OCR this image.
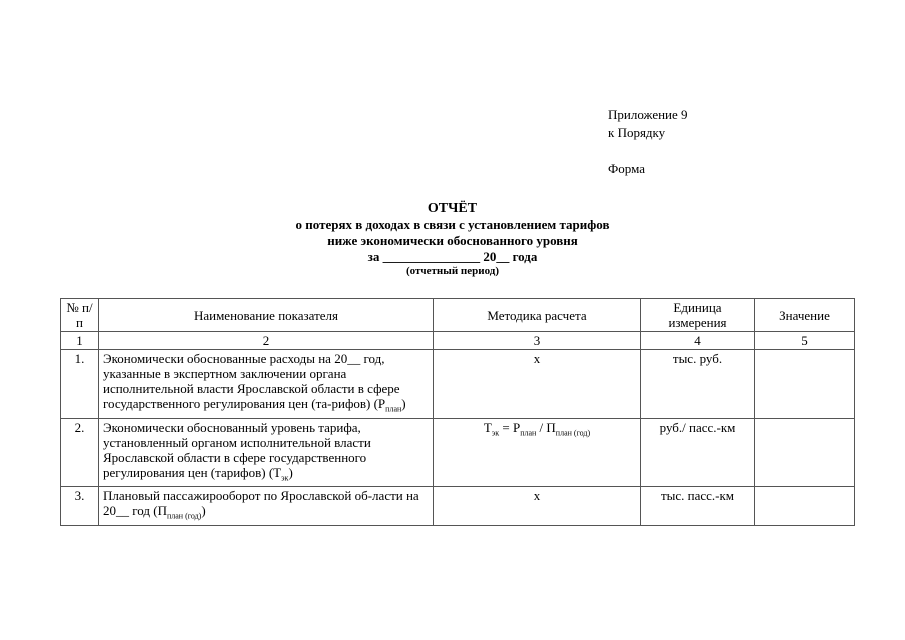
Приложение 9
к Порядку
Форма
ОТЧЁТ
о потерях в доходах в связи с установлением тарифов
ниже экономически обоснованного уровня
за _______________ 20__ года
(отчетный период)
№ п/п	Наименование показателя	Методика расчета	Единица измерения	Значение
1	2	3	4	5
1.	Экономически обоснованные расходы на 20__ год, указанные в экспертном заключении органа исполнительной власти Ярославской области в сфере государственного регулирования цен (та-рифов) $(Р_{план})$	х	тыс. руб.	
2.	Экономически обоснованный уровень тарифа, установленный органом исполнительной власти Ярославской области в сфере государственного регулирования цен (тарифов) $(Т_{эк})$	$Т_{эк} = Р_{план} / П_{план (год)}$	руб./ пасс.-км	
3.	Плановый пассажирооборот по Ярославской об-ласти на 20__ год $(П_{план (год)})$	х	тыс. пасс.-км	
